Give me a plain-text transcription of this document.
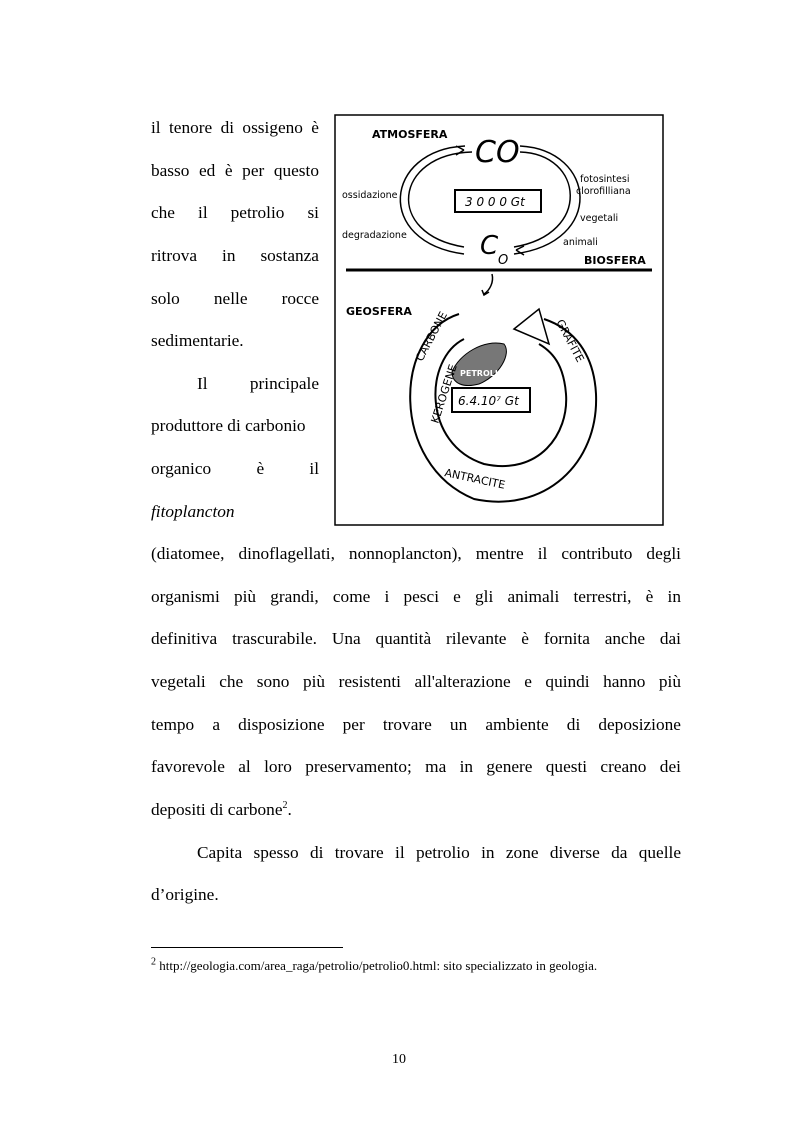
il tenore di ossigeno è
basso ed è per questo
che il petrolio si
ritrova in sostanza
solo nelle rocce
sedimentarie.
Il principale
produttore di carbonio
organico	è	il
fitoplancton
(diatomee, dinoflagellati, nonnoplancton), mentre il contributo degli
organismi più grandi, come i pesci e gli animali terrestri, è in
definitiva trascurabile. Una quantità rilevante è fornita anche dai
vegetali che sono più resistenti all'alterazione e quindi hanno più
tempo a disposizione per trovare un ambiente di deposizione
favorevole al loro preservamento; ma in genere questi creano dei
depositi di carbone$^2$.
Capita spesso di trovare il petrolio in zone diverse da quelle
d’origine.
ATMOSFERA
CO
ossidazione
degradazione
fotosintesi
clorofilliana
vegetali
animali
3 0 0 0 Gt
C O	BIOSFERA
GEOSFERA
PETROLIO
CARBONE
KEROGENE
GRAFITE
ANTRACITE
6.4.10⁷ Gt
$^2$ http://geologia.com/area_raga/petrolio/petrolio0.html: sito specializzato in geologia.
10
